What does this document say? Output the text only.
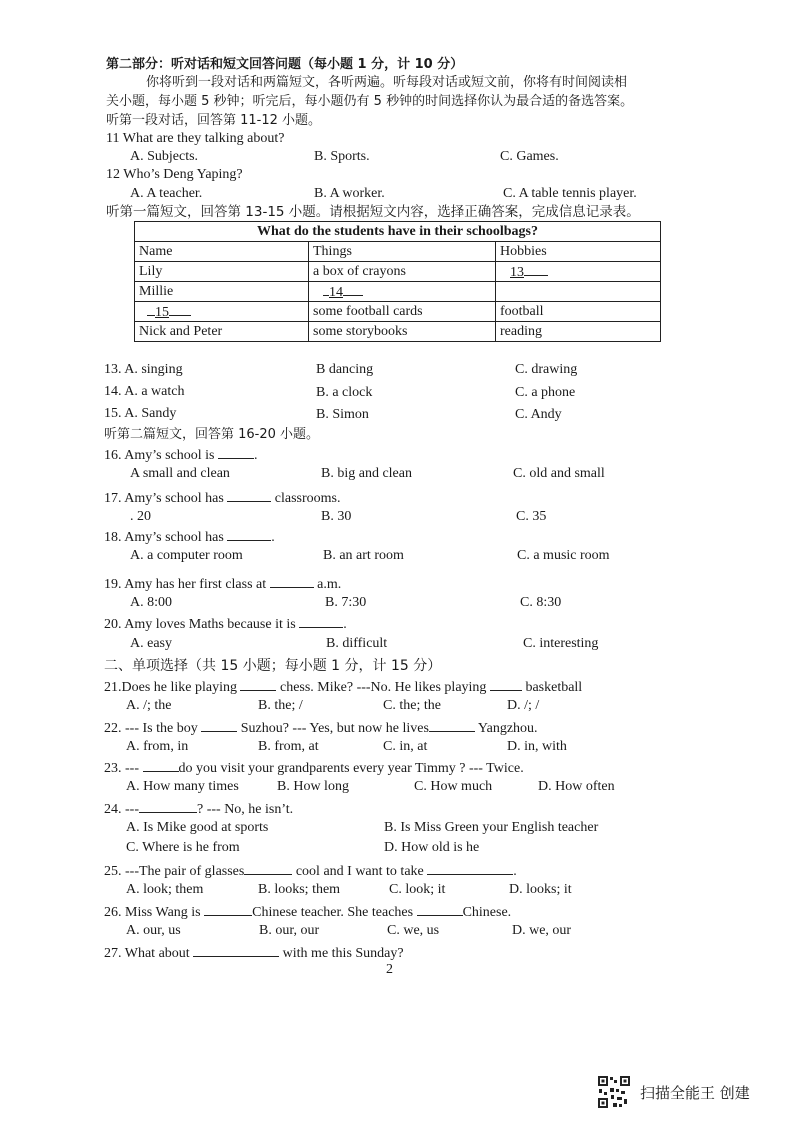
第二部分：听对话和短文回答问题（每小题 1 分，计 10 分）
你将听到一段对话和两篇短文，各听两遍。听每段对话或短文前，你将有时间阅读相
关小题，每小题 5 秒钟；听完后，每小题仍有 5 秒钟的时间选择你认为最合适的备选答案。
听第一段对话，回答第 11-12 小题。
11 What are they talking about?
A. Subjects.	B. Sports.	C. Games.
12 Who’s Deng Yaping?
A. A teacher.	B. A worker.	C. A table tennis player.
听第一篇短文，回答第 13-15 小题。请根据短文内容，选择正确答案，完成信息记录表。
What do the students have in their schoolbags?		
Name	Things	Hobbies
Lily	a box of crayons	13
Millie	14	
15	some football cards	football
Nick and Peter	some storybooks	reading
13. A. singing	B dancing	C. drawing
14. A. a watch	B. a clock	C. a phone
15. A. Sandy	B. Simon	C. Andy
听第二篇短文，回答第 16-20 小题。
16. Amy’s school is	.
A small and clean	B. big and clean	C. old and small
17. Amy’s school has	classrooms.
. 20	B. 30	C. 35
18. Amy’s school has	.
A. a computer room	B. an art room	C. a music room
19. Amy has her first class at	a.m.
A. 8:00	B. 7:30	C. 8:30
20. Amy loves Maths because it is	.
A. easy	B. difficult	C. interesting
二、单项选择（共 15 小题；每小题 1 分，计 15 分）
21.Does he like playing	chess. Mike? ---No. He likes playing	basketball
A. /; the	B. the; /	C. the; the	D. /; /
22. --- Is the boy	Suzhou? --- Yes, but now he lives	Yangzhou.
A. from, in	B. from, at	C. in, at	D. in, with
23. ---	do you visit your grandparents every year Timmy ? --- Twice.
A. How many times	B. How long	C. How much	D. How often
24. ---	? --- No, he isn’t.
A. Is Mike good at sports	B. Is Miss Green your English teacher
C. Where is he from	D. How old is he
25. ---The pair of glasses	cool and I want to take	.
A. look; them	B. looks; them	C. look; it	D. looks; it
26. Miss Wang is	Chinese teacher. She teaches	Chinese.
A. our, us	B. our, our	C. we, us	D. we, our
27. What about	with me this Sunday?
2
扫描全能王 创建
